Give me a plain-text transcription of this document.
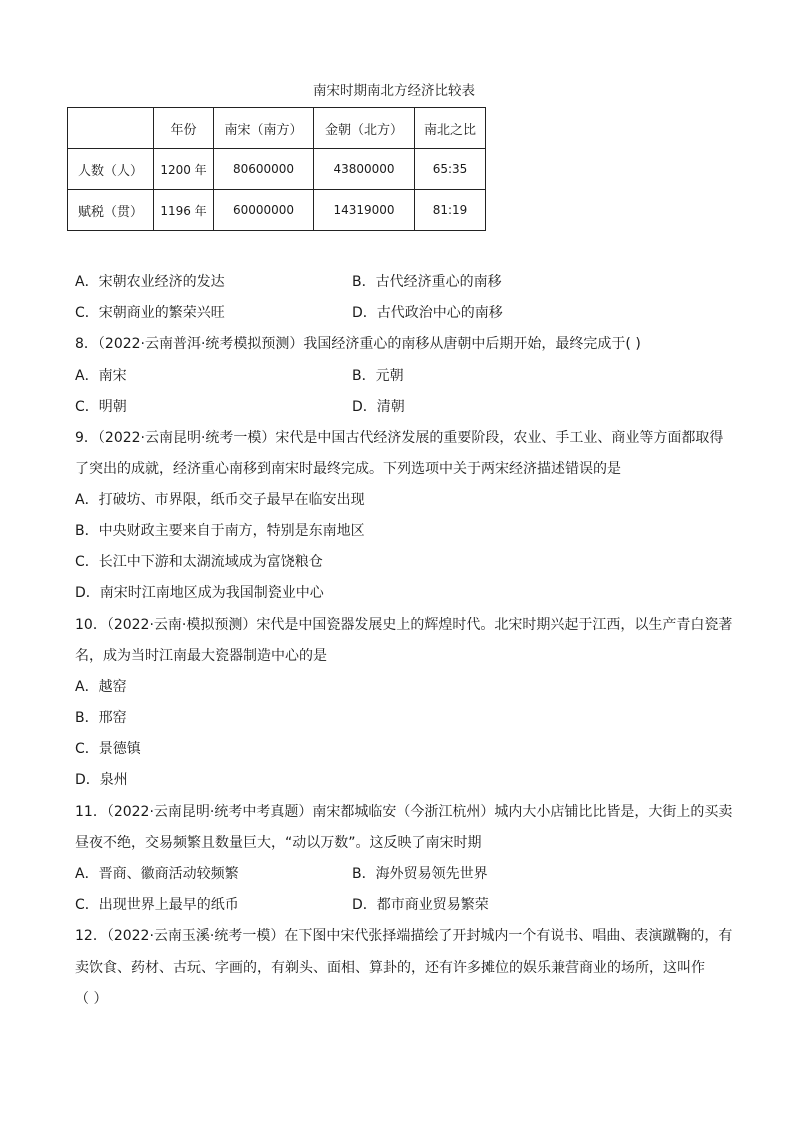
南宋时期南北方经济比较表
	年份	南宋（南方）	金朝（北方）	南北之比
人数（人）	1200 年	80600000	43800000	65:35
赋税（贯）	1196 年	60000000	14319000	81:19
A．宋朝农业经济的发达	B．古代经济重心的南移
C．宋朝商业的繁荣兴旺	D．古代政治中心的南移
8．（2022·云南普洱·统考模拟预测）我国经济重心的南移从唐朝中后期开始，最终完成于( )
A．南宋	B．元朝
C．明朝	D．清朝
9．（2022·云南昆明·统考一模）宋代是中国古代经济发展的重要阶段，农业、手工业、商业等方面都取得
了突出的成就，经济重心南移到南宋时最终完成。下列选项中关于两宋经济描述错误的是
A．打破坊、市界限，纸币交子最早在临安出现
B．中央财政主要来自于南方，特别是东南地区
C．长江中下游和太湖流域成为富饶粮仓
D．南宋时江南地区成为我国制瓷业中心
10．（2022·云南·模拟预测）宋代是中国瓷器发展史上的辉煌时代。北宋时期兴起于江西，以生产青白瓷著
名，成为当时江南最大瓷器制造中心的是
A．越窑
B．邢窑
C．景德镇
D．泉州
11．（2022·云南昆明·统考中考真题）南宋都城临安（今浙江杭州）城内大小店铺比比皆是，大街上的买卖
昼夜不绝，交易频繁且数量巨大，“动以万数”。这反映了南宋时期
A．晋商、徽商活动较频繁	B．海外贸易领先世界
C．出现世界上最早的纸币	D．都市商业贸易繁荣
12．（2022·云南玉溪·统考一模）在下图中宋代张择端描绘了开封城内一个有说书、唱曲、表演蹴鞠的，有
卖饮食、药材、古玩、字画的，有剃头、面相、算卦的，还有许多摊位的娱乐兼营商业的场所，这叫作
（ ）
